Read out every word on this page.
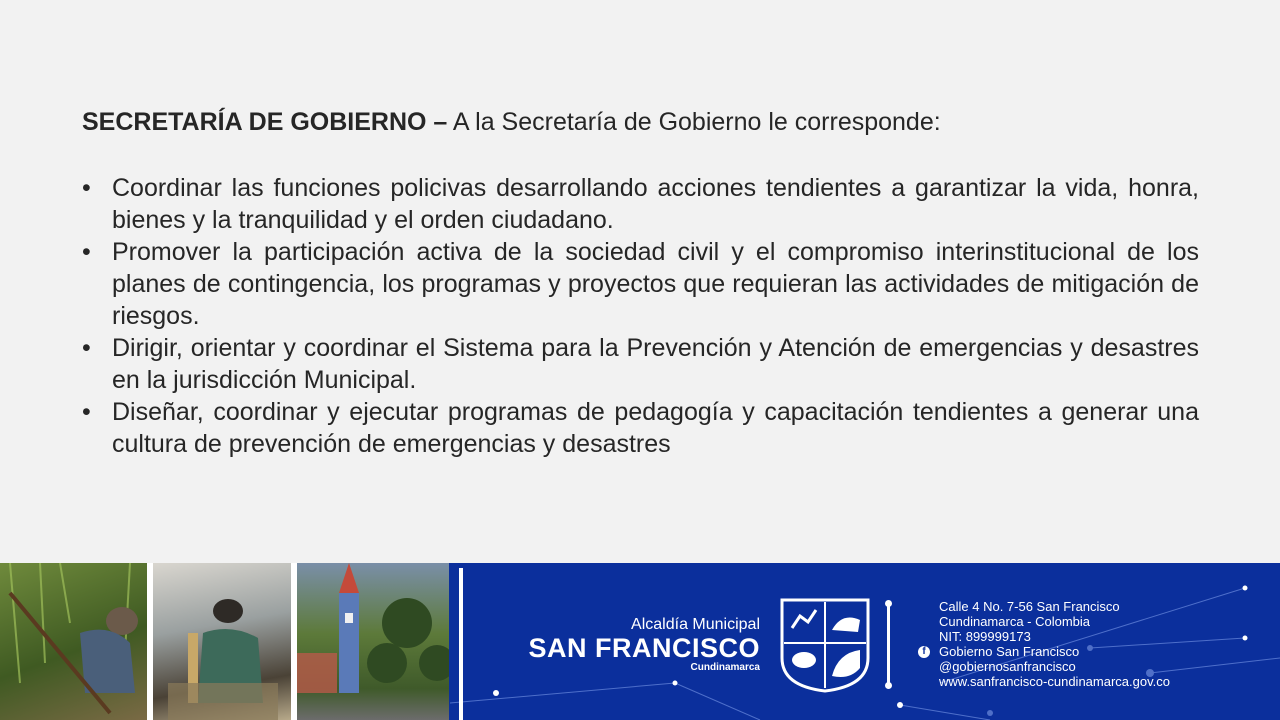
SECRETARÍA DE GOBIERNO – A la Secretaría de Gobierno le corresponde:

• Coordinar las funciones policivas desarrollando acciones tendientes a garantizar la vida, honra, bienes y la tranquilidad y el orden ciudadano.
• Promover la participación activa de la sociedad civil y el compromiso interinstitucional de los planes de contingencia, los programas y proyectos que requieran las actividades de mitigación de riesgos.
• Dirigir, orientar y coordinar el Sistema para la Prevención y Atención de emergencias y desastres en la jurisdicción Municipal.
• Diseñar, coordinar y ejecutar programas de pedagogía y capacitación tendientes a generar una cultura de prevención de emergencias y desastres
Alcaldía Municipal
SAN FRANCISCO
Cundinamarca
Calle 4 No. 7-56 San Francisco
Cundinamarca - Colombia
NIT: 899999173
f	Gobierno San Francisco
@gobiernosanfrancisco
www.sanfrancisco-cundinamarca.gov.co
